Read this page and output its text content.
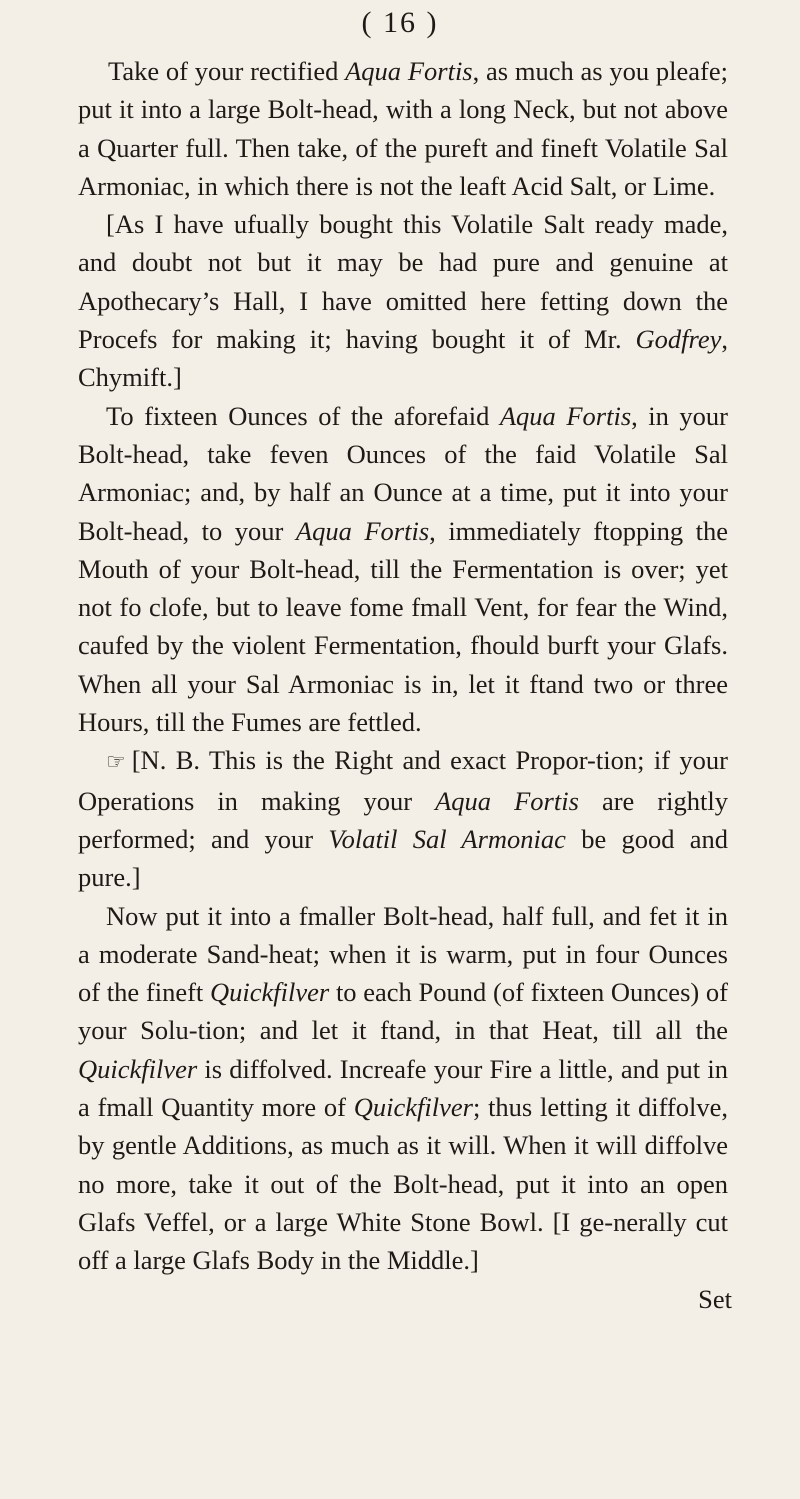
( 16 )

Take of your rectified Aqua Fortis, as much as you pleafe; put it into a large Bolt-head, with a long Neck, but not above a Quarter full. Then take, of the pureft and fineft Volatile Sal Armoniac, in which there is not the leaft Acid Salt, or Lime.

[As I have ufually bought this Volatile Salt ready made, and doubt not but it may be had pure and genuine at Apothecary’s Hall, I have omitted here fetting down the Procefs for making it; having bought it of Mr. Godfrey, Chymift.]

To fixteen Ounces of the aforefaid Aqua Fortis, in your Bolt-head, take feven Ounces of the faid Volatile Sal Armoniac; and, by half an Ounce at a time, put it into your Bolt-head, to your Aqua Fortis, immediately ftopping the Mouth of your Bolt-head, till the Fermentation is over; yet not fo clofe, but to leave fome fmall Vent, for fear the Wind, caufed by the violent Fermentation, fhould burft your Glafs. When all your Sal Armoniac is in, let it ftand two or three Hours, till the Fumes are fettled.

☞ [N. B. This is the Right and exact Propor-tion; if your Operations in making your Aqua Fortis are rightly performed; and your Volatil Sal Armoniac be good and pure.]

Now put it into a fmaller Bolt-head, half full, and fet it in a moderate Sand-heat; when it is warm, put in four Ounces of the fineft Quickfilver to each Pound (of fixteen Ounces) of your Solu-tion; and let it ftand, in that Heat, till all the Quickfilver is diffolved. Increafe your Fire a little, and put in a fmall Quantity more of Quickfilver; thus letting it diffolve, by gentle Additions, as much as it will. When it will diffolve no more, take it out of the Bolt-head, put it into an open Glafs Veffel, or a large White Stone Bowl. [I ge-nerally cut off a large Glafs Body in the Middle.]

Set
